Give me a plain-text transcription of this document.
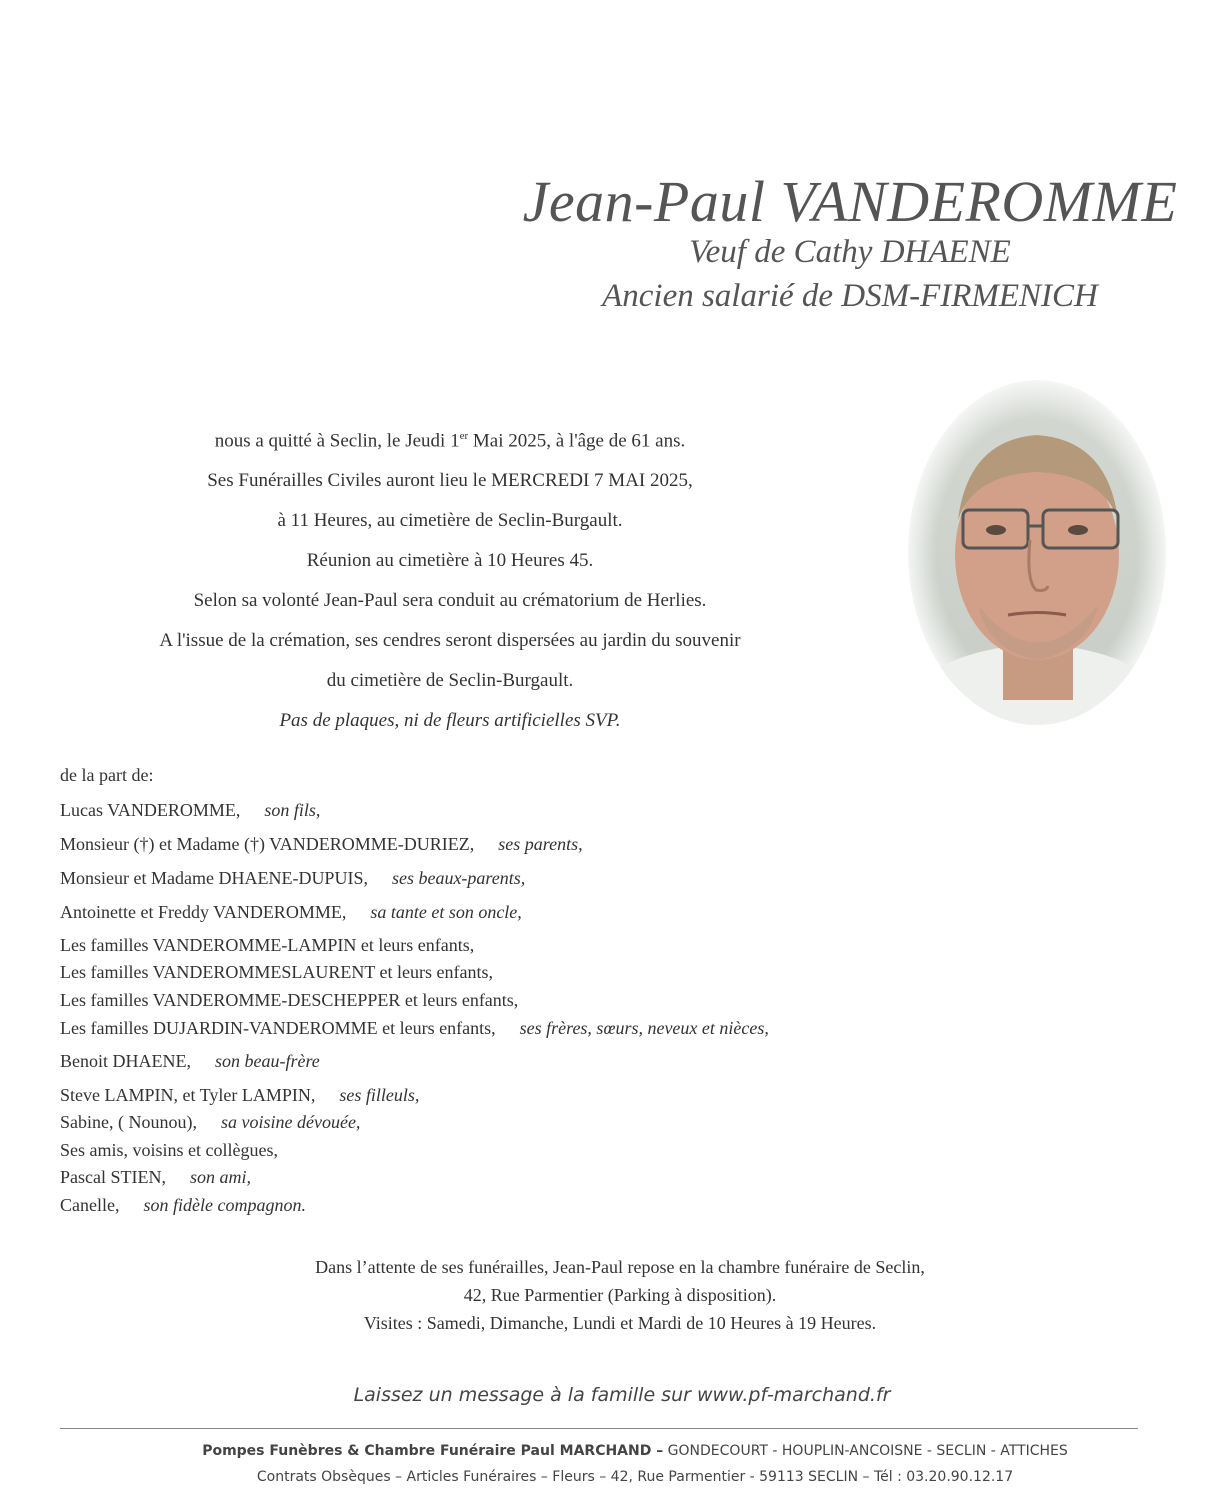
Jean-Paul VANDEROMME
Veuf de Cathy DHAENE
Ancien salarié de DSM-FIRMENICH
nous a quitté à Seclin, le Jeudi 1er Mai 2025, à l'âge de 61 ans.
Ses Funérailles Civiles auront lieu le MERCREDI 7 MAI 2025,
à 11 Heures, au cimetière de Seclin-Burgault.
Réunion au cimetière à 10 Heures 45.
Selon sa volonté Jean-Paul sera conduit au crématorium de Herlies.
A l'issue de la crémation, ses cendres seront dispersées au jardin du souvenir
du cimetière de Seclin-Burgault.
Pas de plaques, ni de fleurs artificielles SVP.
de la part de:
Lucas VANDEROMME, son fils,
Monsieur (†) et Madame (†) VANDEROMME-DURIEZ, ses parents,
Monsieur et Madame DHAENE-DUPUIS, ses beaux-parents,
Antoinette et Freddy VANDEROMME, sa tante et son oncle,
Les familles VANDEROMME-LAMPIN et leurs enfants,
Les familles VANDEROMMESLAURENT et leurs enfants,
Les familles VANDEROMME-DESCHEPPER et leurs enfants,
Les familles DUJARDIN-VANDEROMME et leurs enfants, ses frères, sœurs, neveux et nièces,
Benoit DHAENE, son beau-frère
Steve LAMPIN, et Tyler LAMPIN, ses filleuls,
Sabine, ( Nounou), sa voisine dévouée,
Ses amis, voisins et collègues,
Pascal STIEN, son ami,
Canelle, son fidèle compagnon.
Dans l’attente de ses funérailles, Jean-Paul repose en la chambre funéraire de Seclin,
42, Rue Parmentier (Parking à disposition).
Visites : Samedi, Dimanche, Lundi et Mardi de 10 Heures à 19 Heures.
Laissez un message à la famille sur www.pf-marchand.fr
Pompes Funèbres & Chambre Funéraire Paul MARCHAND – GONDECOURT - HOUPLIN-ANCOISNE - SECLIN - ATTICHES
Contrats Obsèques – Articles Funéraires – Fleurs – 42, Rue Parmentier - 59113 SECLIN – Tél : 03.20.90.12.17
